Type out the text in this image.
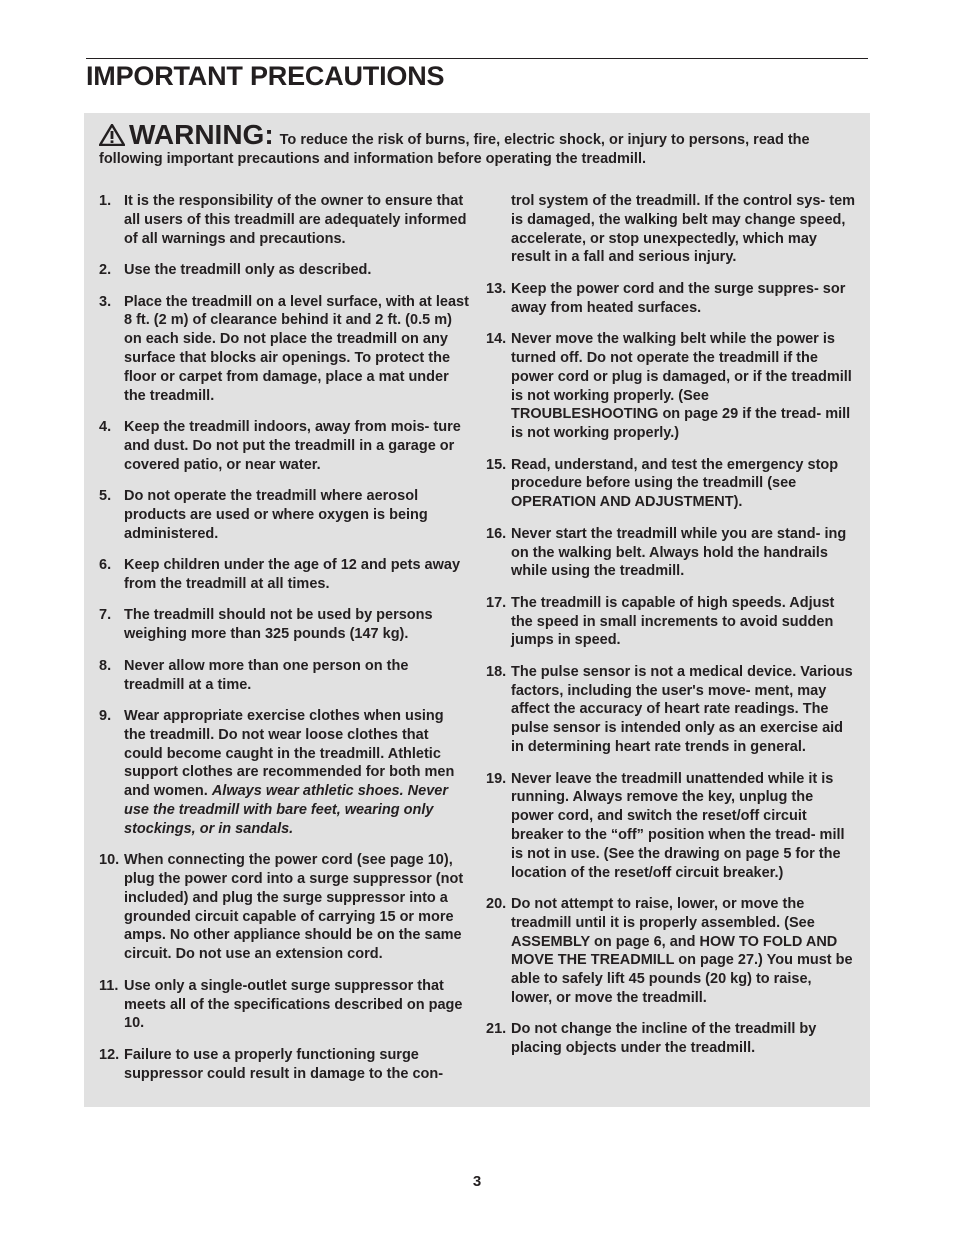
IMPORTANT PRECAUTIONS
WARNING: To reduce the risk of burns, fire, electric shock, or injury to persons, read the following important precautions and information before operating the treadmill.
1. It is the responsibility of the owner to ensure that all users of this treadmill are adequately informed of all warnings and precautions.
2. Use the treadmill only as described.
3. Place the treadmill on a level surface, with at least 8 ft. (2 m) of clearance behind it and 2 ft. (0.5 m) on each side. Do not place the treadmill on any surface that blocks air openings. To protect the floor or carpet from damage, place a mat under the treadmill.
4. Keep the treadmill indoors, away from mois- ture and dust. Do not put the treadmill in a garage or covered patio, or near water.
5. Do not operate the treadmill where aerosol products are used or where oxygen is being administered.
6. Keep children under the age of 12 and pets away from the treadmill at all times.
7. The treadmill should not be used by persons weighing more than 325 pounds (147 kg).
8. Never allow more than one person on the treadmill at a time.
9. Wear appropriate exercise clothes when using the treadmill. Do not wear loose clothes that could become caught in the treadmill. Athletic support clothes are recommended for both men and women. Always wear athletic shoes. Never use the treadmill with bare feet, wearing only stockings, or in sandals.
10. When connecting the power cord (see page 10), plug the power cord into a surge suppressor (not included) and plug the surge suppressor into a grounded circuit capable of carrying 15 or more amps. No other appliance should be on the same circuit. Do not use an extension cord.
11. Use only a single-outlet surge suppressor that meets all of the specifications described on page 10.
12. Failure to use a properly functioning surge suppressor could result in damage to the con-
trol system of the treadmill. If the control sys- tem is damaged, the walking belt may change speed, accelerate, or stop unexpectedly, which may result in a fall and serious injury.
13. Keep the power cord and the surge suppres- sor away from heated surfaces.
14. Never move the walking belt while the power is turned off. Do not operate the treadmill if the power cord or plug is damaged, or if the treadmill is not working properly. (See TROUBLESHOOTING on page 29 if the tread- mill is not working properly.)
15. Read, understand, and test the emergency stop procedure before using the treadmill (see OPERATION AND ADJUSTMENT).
16. Never start the treadmill while you are stand- ing on the walking belt. Always hold the handrails while using the treadmill.
17. The treadmill is capable of high speeds. Adjust the speed in small increments to avoid sudden jumps in speed.
18. The pulse sensor is not a medical device. Various factors, including the user's move- ment, may affect the accuracy of heart rate readings. The pulse sensor is intended only as an exercise aid in determining heart rate trends in general.
19. Never leave the treadmill unattended while it is running. Always remove the key, unplug the power cord, and switch the reset/off circuit breaker to the “off” position when the tread- mill is not in use. (See the drawing on page 5 for the location of the reset/off circuit breaker.)
20. Do not attempt to raise, lower, or move the treadmill until it is properly assembled. (See ASSEMBLY on page 6, and HOW TO FOLD AND MOVE THE TREADMILL on page 27.) You must be able to safely lift 45 pounds (20 kg) to raise, lower, or move the treadmill.
21. Do not change the incline of the treadmill by placing objects under the treadmill.
3
